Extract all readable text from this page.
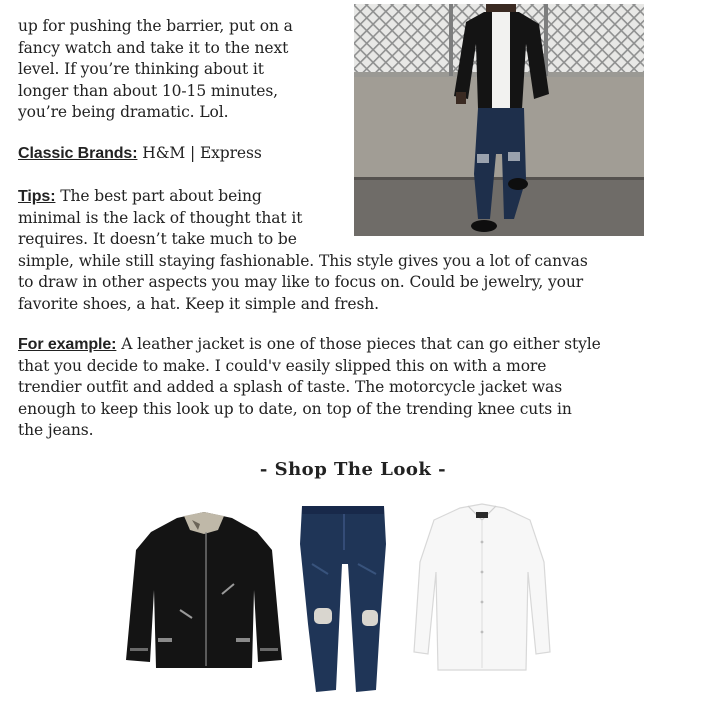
up for pushing the barrier, put on a
fancy watch and take it to the next
level. If you’re thinking about it
longer than about 10-15 minutes,
you’re being dramatic. Lol.
Classic Brands: H&M | Express
Tips: The best part about being
minimal is the lack of thought that it
requires. It doesn’t take much to be
simple, while still staying fashionable. This style gives you a lot of canvas
to draw in other aspects you may like to focus on. Could be jewelry, your
favorite shoes, a hat. Keep it simple and fresh.
For example: A leather jacket is one of those pieces that can go either style
that you decide to make. I could'v easily slipped this on with a more
trendier outfit and added a splash of taste. The motorcycle jacket was
enough to keep this look up to date, on top of the trending knee cuts in
the jeans.
- Shop The Look -
